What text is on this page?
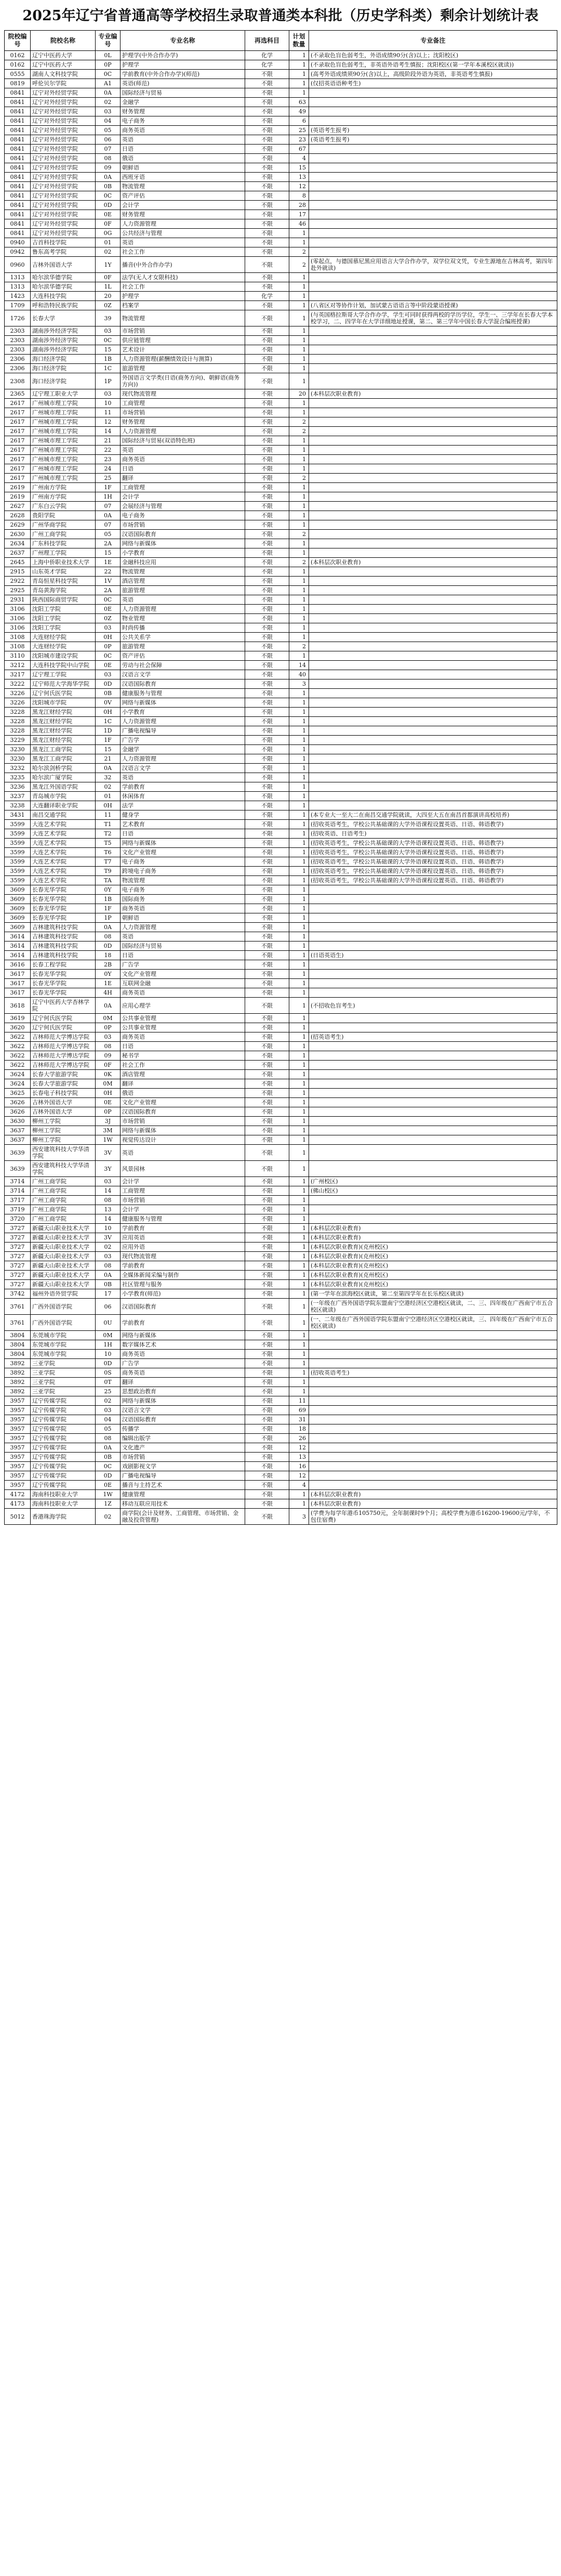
2025年辽宁省普通高等学校招生录取普通类本科批（历史学科类）剩余计划统计表
院校编号	院校名称	专业编号	专业名称	再选科目	计划数量	专业备注
0162	辽宁中医药大学	0L	护理学(中外合作办学)	化学	1	(不录取色盲色弱考生，外语成绩90分(含)以上；沈阳校区)
0162	辽宁中医药大学	0P	护理学	化学	1	(不录取色盲色弱考生，非英语外语考生慎报；沈阳校区(第一学年本溪校区就读))
0555	湖南人文科技学院	0C	学前教育(中外合作办学)(师范)	不限	1	(高考外语成绩须90分(含)以上，高级阶段外语为英语，非英语考生慎报)
0819	呼伦贝尔学院	A1	英语(师范)	不限	1	(仅招英语语种考生)
0841	辽宁对外经贸学院	0A	国际经济与贸易	不限	1	
0841	辽宁对外经贸学院	02	金融学	不限	63	
0841	辽宁对外经贸学院	03	财务管理	不限	49	
0841	辽宁对外经贸学院	04	电子商务	不限	6	
0841	辽宁对外经贸学院	05	商务英语	不限	25	(英语考生报考)
0841	辽宁对外经贸学院	06	英语	不限	23	(英语考生报考)
0841	辽宁对外经贸学院	07	日语	不限	67	
0841	辽宁对外经贸学院	08	俄语	不限	4	
0841	辽宁对外经贸学院	09	朝鲜语	不限	15	
0841	辽宁对外经贸学院	0A	西班牙语	不限	13	
0841	辽宁对外经贸学院	0B	物流管理	不限	12	
0841	辽宁对外经贸学院	0C	资产评估	不限	8	
0841	辽宁对外经贸学院	0D	会计学	不限	28	
0841	辽宁对外经贸学院	0E	财务管理	不限	17	
0841	辽宁对外经贸学院	0F	人力资源管理	不限	46	
0841	辽宁对外经贸学院	0G	公共经济与管理	不限	1	
0940	吉首科技学院	01	英语	不限	1	
0942	鲁东高考学院	02	社会工作	不限	2	
0960	吉林外国语大学	1Y	播音(中外合作办学)	不限	2	(零起点，与德国慕尼黑应用语言大学合作办学，双学位双文凭，专业生源地在吉林高考，第四年赴外就读)
1313	哈尔滨华德学院	0F	法学(无人才女限科技)	不限	1	
1313	哈尔滨华德学院	1L	社会工作	不限	1	
1423	大连科技学院	20	护理学	化学	1	
1709	呼和浩特民族学院	0Z	档案学	不限	1	(八省区对等协作计划，加试蒙古语语言等中阶段蒙语授课)
1726	长春大学	39	物流管理	不限	1	(与英国格拉斯哥大学合作办学，学生可同时获得两校的学历学位，学生一、三学年在长春大学本校学习，二、四学年在大学详细地址授课，第二、第三学年中国长春大学混合编班授课)
2303	湖南涉外经济学院	03	市场营销	不限	1	
2303	湖南涉外经济学院	0C	供应链管理	不限	1	
2303	湖南涉外经济学院	15	艺术设计	不限	1	
2306	海口经济学院	1B	人力资源管理(薪酬绩效设计与测算)	不限	1	
2306	海口经济学院	1C	旅游管理	不限	1	
2308	海口经济学院	1P	外国语言文学类(日语(商务方向)、朝鲜语(商务方向))	不限	1	
2365	辽宁理工职业大学	03	现代物流管理	不限	20	(本科层次职业教育)
2617	广州城市理工学院	10	工商管理	不限	1	
2617	广州城市理工学院	11	市场营销	不限	1	
2617	广州城市理工学院	12	财务管理	不限	2	
2617	广州城市理工学院	14	人力资源管理	不限	2	
2617	广州城市理工学院	21	国际经济与贸易(双语特色班)	不限	1	
2617	广州城市理工学院	22	英语	不限	1	
2617	广州城市理工学院	23	商务英语	不限	1	
2617	广州城市理工学院	24	日语	不限	1	
2617	广州城市理工学院	25	翻译	不限	2	
2619	广州南方学院	1F	工商管理	不限	1	
2619	广州南方学院	1H	会计学	不限	1	
2627	广东白云学院	07	会展经济与管理	不限	1	
2628	贵阳学院	0A	电子商务	不限	1	
2629	广州华商学院	07	市场营销	不限	1	
2630	广州工商学院	05	汉语国际教育	不限	2	
2634	广东科技学院	2A	网络与新媒体	不限	1	
2637	广州理工学院	15	小学教育	不限	1	
2645	上海中侨职业技术大学	1E	金融科技应用	不限	2	(本科层次职业教育)
2915	山东英才学院	22	物流管理	不限	1	
2922	青岛恒星科技学院	1V	酒店管理	不限	1	
2925	青岛黄海学院	2A	旅游管理	不限	1	
2931	陕西国际商贸学院	0C	英语	不限	1	
3106	沈阳工学院	0E	人力资源管理	不限	1	
3106	沈阳工学院	0Z	物业管理	不限	1	
3106	沈阳工学院	03	时尚传播	不限	1	
3108	大连财经学院	0H	公共关系学	不限	1	
3108	大连财经学院	0P	旅游管理	不限	2	
3110	沈阳城市建设学院	0C	资产评估	不限	1	
3212	大连科技学院中山学院	0E	劳动与社会保障	不限	14	
3217	辽宁理工学院	03	汉语言文学	不限	40	
3222	辽宁师范大学海华学院	0D	汉语国际教育	不限	3	
3226	辽宁何氏医学院	0B	健康服务与管理	不限	1	
3226	沈阳城市学院	0V	网络与新媒体	不限	1	
3228	黑龙江财经学院	0H	小学教育	不限	1	
3228	黑龙江财经学院	1C	人力资源管理	不限	1	
3228	黑龙江财经学院	1D	广播电视编导	不限	1	
3229	黑龙江财经学院	1F	广告学	不限	1	
3230	黑龙江工商学院	15	金融学	不限	1	
3230	黑龙江工商学院	21	人力资源管理	不限	1	
3232	哈尔滨剑桥学院	0A	汉语言文学	不限	1	
3235	哈尔滨广厦学院	32	英语	不限	1	
3236	黑龙江外国语学院	02	学前教育	不限	1	
3237	青岛城市学院	01	休闲体育	不限	1	
3238	大连翻译职业学院	0H	法学	不限	1	
3431	南昌交通学院	11	健身学	不限	1	(本专业大一至大二在南昌交通学院就读，大四至大五在南昌首都演讲高校培养)
3599	大连艺术学院	T1	艺术教育	不限	1	(招收英语考生，学校公共基础课的大学外语课程设置英语、日语、韩语教学)
3599	大连艺术学院	T2	日语	不限	1	(招收英语、日语考生)
3599	大连艺术学院	T5	网络与新媒体	不限	1	(招收英语考生，学校公共基础课的大学外语课程设置英语、日语、韩语教学)
3599	大连艺术学院	T6	文化产业管理	不限	1	(招收英语考生，学校公共基础课的大学外语课程设置英语、日语、韩语教学)
3599	大连艺术学院	T7	电子商务	不限	1	(招收英语考生，学校公共基础课的大学外语课程设置英语、日语、韩语教学)
3599	大连艺术学院	T9	跨境电子商务	不限	1	(招收英语考生，学校公共基础课的大学外语课程设置英语、日语、韩语教学)
3599	大连艺术学院	TA	物流管理	不限	1	(招收英语考生，学校公共基础课的大学外语课程设置英语、日语、韩语教学)
3609	长春光华学院	0Y	电子商务	不限	1	
3609	长春光华学院	1B	国际商务	不限	1	
3609	长春光华学院	1F	商务英语	不限	1	
3609	长春光华学院	1P	朝鲜语	不限	1	
3609	吉林建筑科技学院	0A	人力资源管理	不限	1	
3614	吉林建筑科技学院	08	英语	不限	1	
3614	吉林建筑科技学院	0D	国际经济与贸易	不限	1	
3614	吉林建筑科技学院	18	日语	不限	1	(日语英语生)
3616	长春工程学院	2B	广告学	不限	1	
3617	长春光华学院	0Y	文化产业管理	不限	1	
3617	长春光华学院	1E	互联网金融	不限	1	
3617	长春光华学院	4H	商务英语	不限	1	
3618	辽宁中医药大学杏林学院	0A	应用心理学	不限	1	(不招收色盲考生)
3619	辽宁何氏医学院	0M	公共事业管理	不限	1	
3620	辽宁何氏医学院	0P	公共事业管理	不限	1	
3622	吉林师范大学博达学院	03	商务英语	不限	1	(招英语考生)
3622	吉林师范大学博达学院	08	日语	不限	1	
3622	吉林师范大学博达学院	09	秘书学	不限	1	
3622	吉林师范大学博达学院	0F	社会工作	不限	1	
3624	长春大学旅游学院	0K	酒店管理	不限	1	
3624	长春大学旅游学院	0M	翻译	不限	1	
3625	长春电子科技学院	0H	俄语	不限	1	
3626	吉林外国语大学	0E	文化产业管理	不限	1	
3626	吉林外国语大学	0P	汉语国际教育	不限	1	
3630	柳州工学院	3J	市场营销	不限	1	
3637	柳州工学院	3M	网络与新媒体	不限	1	
3637	柳州工学院	1W	视觉传达设计	不限	1	
3639	西安建筑科技大学华清学院	3V	英语	不限	1	
3639	西安建筑科技大学华清学院	3Y	风景园林	不限	1	
3714	广州工商学院	03	会计学	不限	1	(广州校区)
3714	广州工商学院	14	工商管理	不限	1	(佛山校区)
3717	广州工商学院	08	市场营销	不限	1	
3719	广州工商学院	13	会计学	不限	1	
3720	广州工商学院	14	健康服务与管理	不限	1	
3727	新疆天山职业技术大学	10	学前教育	不限	1	(本科层次职业教育)
3727	新疆天山职业技术大学	3V	应用英语	不限	1	(本科层次职业教育)
3727	新疆天山职业技术大学	02	应用外语	不限	1	(本科层次职业教育)(克州校区)
3727	新疆天山职业技术大学	03	现代物流管理	不限	1	(本科层次职业教育)(克州校区)
3727	新疆天山职业技术大学	08	学前教育	不限	1	(本科层次职业教育)(克州校区)
3727	新疆天山职业技术大学	0A	全媒体新闻采编与制作	不限	1	(本科层次职业教育)(克州校区)
3727	新疆天山职业技术大学	0B	社区管理与服务	不限	1	(本科层次职业教育)(克州校区)
3742	福州外语外贸学院	17	小学教育(师范)	不限	1	(第一学年在滨海校区就读，第二至第四学年在长乐校区就读)
3761	广西外国语学院	06	汉语国际教育	不限	1	(一年级在广西外国语学院东盟南宁空港经济区空港校区就读，二、三、四年级在广西南宁市五合校区就读)
3761	广西外国语学院	0U	学前教育	不限	1	(一、二年级在广西外国语学院东盟南宁空港经济区空港校区就读，三、四年级在广西南宁市五合校区就读)
3804	东莞城市学院	0M	网络与新媒体	不限	1	
3804	东莞城市学院	1H	数字媒体艺术	不限	1	
3804	东莞城市学院	10	商务英语	不限	1	
3892	三亚学院	0D	广告学	不限	1	
3892	三亚学院	0S	商务英语	不限	1	(招收英语考生)
3892	三亚学院	0T	翻译	不限	1	
3892	三亚学院	25	思想政治教育	不限	1	
3957	辽宁传媒学院	02	网络与新媒体	不限	11	
3957	辽宁传媒学院	03	汉语言文学	不限	69	
3957	辽宁传媒学院	04	汉语国际教育	不限	31	
3957	辽宁传媒学院	05	传播学	不限	18	
3957	辽宁传媒学院	08	编辑出版学	不限	26	
3957	辽宁传媒学院	0A	文化遗产	不限	12	
3957	辽宁传媒学院	0B	市场营销	不限	13	
3957	辽宁传媒学院	0C	戏剧影视文学	不限	16	
3957	辽宁传媒学院	0D	广播电视编导	不限	12	
3957	辽宁传媒学院	0E	播音与主持艺术	不限	4	
4172	海南科技职业大学	1W	健康管理	不限	1	(本科层次职业教育)
4173	海南科技职业大学	1Z	移动互联应用技术	不限	1	(本科层次职业教育)
5012	香港珠海学院	02	商学院(会计及财务、工商管理、市场营销、金融及投资管理)	不限	3	(学费为每学年港币105750元，全年制课时9个月；高校学费为港币16200-19600元/学年，不包住宿费)
